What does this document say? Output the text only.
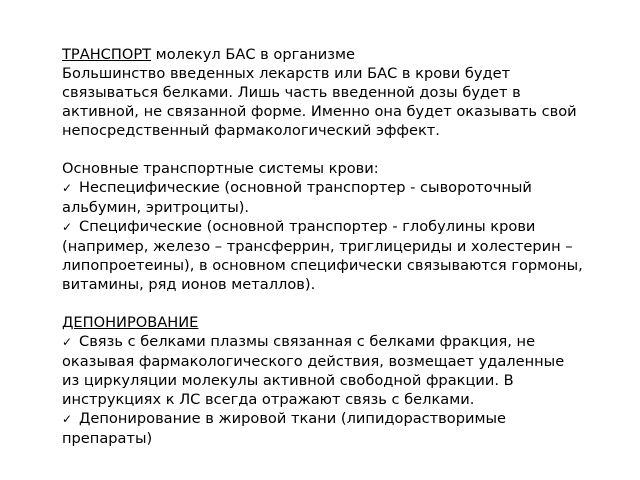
ТРАНСПОРТ молекул БАС в организме

Большинство введенных лекарств или БАС в крови будет связываться белками. Лишь часть введенной дозы будет в активной, не связанной форме. Именно она будет оказывать свой непосредственный фармакологический эффект.

Основные транспортные системы крови:

✓ Неспецифические (основной транспортер - сывороточный альбумин, эритроциты).

✓ Специфические (основной транспортер - глобулины крови (например, железо – трансферрин, триглицериды и холестерин – липопроетеины), в основном специфически связываются гормоны, витамины, ряд ионов металлов).

ДЕПОНИРОВАНИЕ

✓ Связь с белками плазмы связанная с белками фракция, не оказывая фармакологического действия, возмещает удаленные из циркуляции молекулы активной свободной фракции. В инструкциях к ЛС всегда отражают связь с белками.

✓ Депонирование в жировой ткани (липидорастворимые препараты)
